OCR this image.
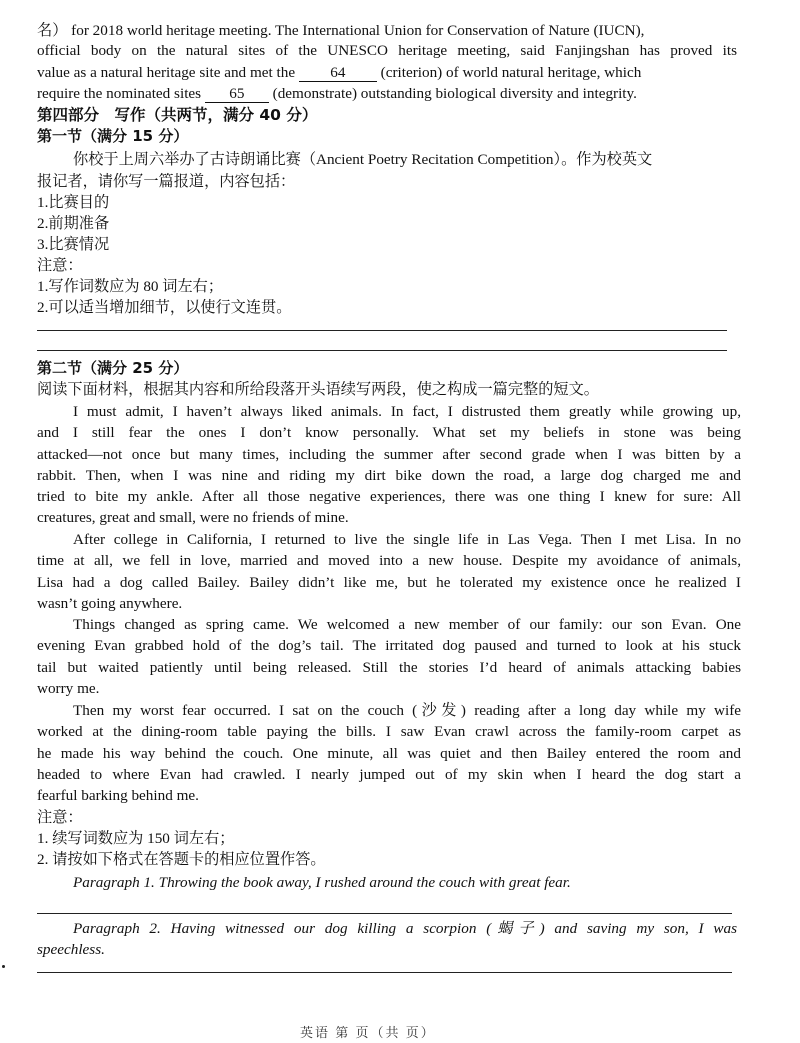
名） for 2018 world heritage meeting. The International Union for Conservation of Nature (IUCN),
official body on the natural sites of the UNESCO heritage meeting, said Fanjingshan has proved its
value as a natural heritage site and met the 64 (criterion) of world natural heritage, which
require the nominated sites 65 (demonstrate) outstanding biological diversity and integrity.
第四部分　写作（共两节，满分 40 分）
第一节（满分 15 分）
你校于上周六举办了古诗朗诵比赛（Ancient Poetry Recitation Competition）。作为校英文
报记者，请你写一篇报道，内容包括：
1.比赛目的
2.前期准备
3.比赛情况
注意：
1.写作词数应为 80 词左右；
2.可以适当增加细节，以使行文连贯。
第二节（满分 25 分）
阅读下面材料，根据其内容和所给段落开头语续写两段，使之构成一篇完整的短文。
I must admit, I haven’t always liked animals. In fact, I distrusted them greatly while growing up,
and I still fear the ones I don’t know personally. What set my beliefs in stone was being
attacked—not once but many times, including the summer after second grade when I was bitten by a
rabbit. Then, when I was nine and riding my dirt bike down the road, a large dog charged me and
tried to bite my ankle. After all those negative experiences, there was one thing I knew for sure: All
creatures, great and small, were no friends of mine.
After college in California, I returned to live the single life in Las Vega. Then I met Lisa. In no
time at all, we fell in love, married and moved into a new house. Despite my avoidance of animals,
Lisa had a dog called Bailey. Bailey didn’t like me, but he tolerated my existence once he realized I
wasn’t going anywhere.
Things changed as spring came. We welcomed a new member of our family: our son Evan. One
evening Evan grabbed hold of the dog’s tail. The irritated dog paused and turned to look at his stuck
tail but waited patiently until being released. Still the stories I’d heard of animals attacking babies
worry me.
Then my worst fear occurred. I sat on the couch (沙发) reading after a long day while my wife
worked at the dining-room table paying the bills. I saw Evan crawl across the family-room carpet as
he made his way behind the couch. One minute, all was quiet and then Bailey entered the room and
headed to where Evan had crawled. I nearly jumped out of my skin when I heard the dog start a
fearful barking behind me.
注意：
1. 续写词数应为 150 词左右；
2. 请按如下格式在答题卡的相应位置作答。
Paragraph 1. Throwing the book away, I rushed around the couch with great fear.
Paragraph 2. Having witnessed our dog killing a scorpion (蝎子) and saving my son, I was
speechless.
英语 第 页（共 页）
